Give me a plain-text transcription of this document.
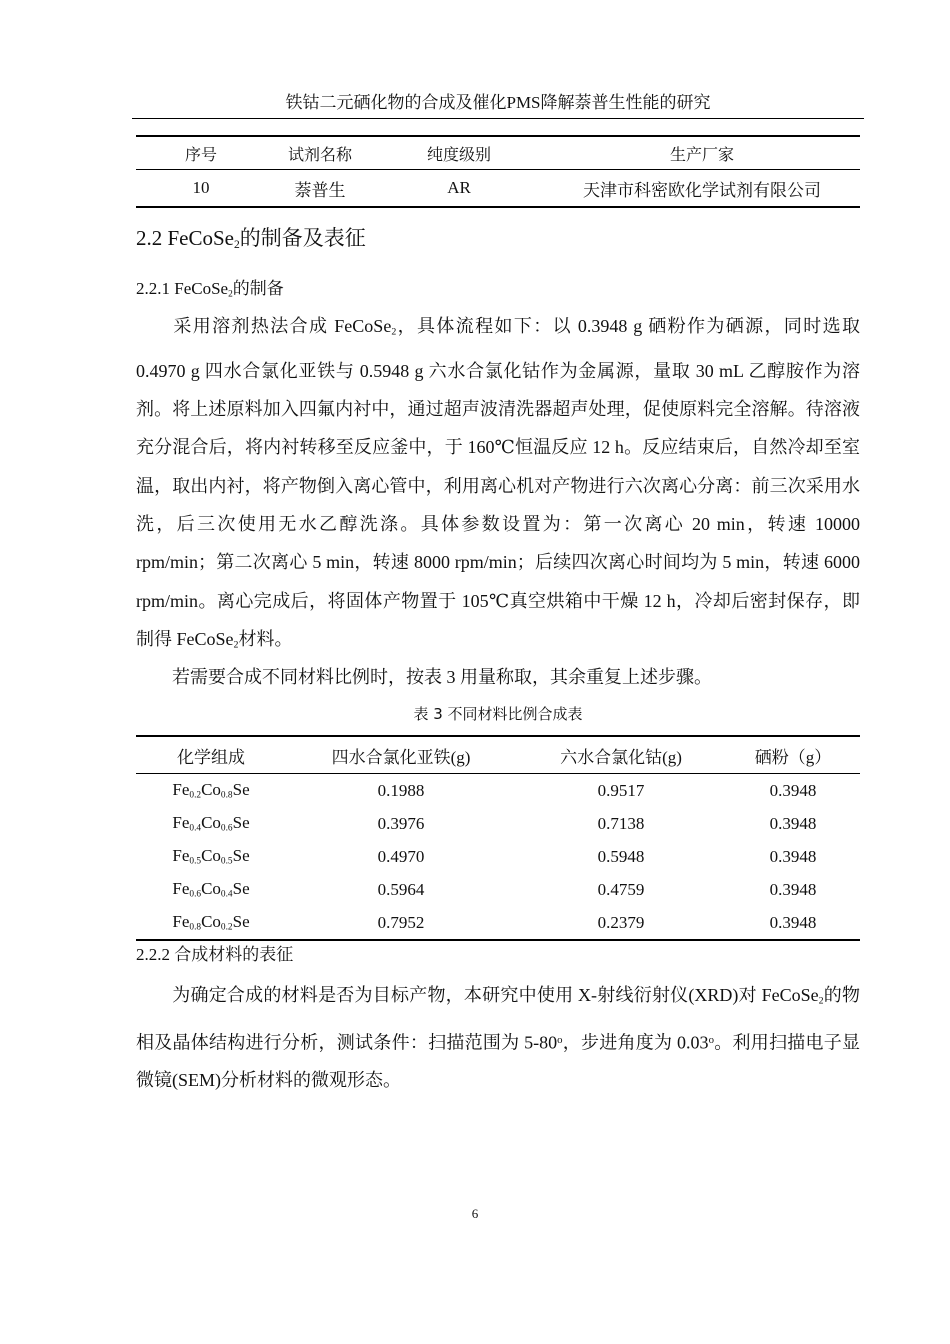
铁钴二元硒化物的合成及催化PMS降解萘普生性能的研究
序号	试剂名称	纯度级别	生产厂家
10	萘普生	AR	天津市科密欧化学试剂有限公司
2.2 FeCoSe$_2$的制备及表征
2.2.1 FeCoSe$_2$的制备

采用溶剂热法合成 FeCoSe$_2$，具体流程如下：以 0.3948 g 硒粉作为硒源，同时选取 0.4970 g 四水合氯化亚铁与 0.5948 g 六水合氯化钴作为金属源，量取 30 mL 乙醇胺作为溶剂。将上述原料加入四氟内衬中，通过超声波清洗器超声处理，促使原料完全溶解。待溶液充分混合后，将内衬转移至反应釜中，于 160℃恒温反应 12 h。反应结束后，自然冷却至室温，取出内衬，将产物倒入离心管中，利用离心机对产物进行六次离心分离：前三次采用水洗，后三次使用无水乙醇洗涤。具体参数设置为：第一次离心 20 min，转速 10000 rpm/min；第二次离心 5 min，转速 8000 rpm/min；后续四次离心时间均为 5 min，转速 6000 rpm/min。离心完成后，将固体产物置于 105℃真空烘箱中干燥 12 h，冷却后密封保存，即制得 FeCoSe$_2$材料。

若需要合成不同材料比例时，按表 3 用量称取，其余重复上述步骤。

表 3 不同材料比例合成表
化学组成	四水合氯化亚铁(g)	六水合氯化钴(g)	硒粉（g）
$Fe_{0.2}Co_{0.8}Se$	0.1988	0.9517	0.3948
$Fe_{0.4}Co_{0.6}Se$	0.3976	0.7138	0.3948
$Fe_{0.5}Co_{0.5}Se$	0.4970	0.5948	0.3948
$Fe_{0.6}Co_{0.4}Se$	0.5964	0.4759	0.3948
$Fe_{0.8}Co_{0.2}Se$	0.7952	0.2379	0.3948
2.2.2 合成材料的表征

为确定合成的材料是否为目标产物，本研究中使用 X-射线衍射仪(XRD)对 FeCoSe$_2$的物相及晶体结构进行分析，测试条件：扫描范围为 5-80$^o$，步进角度为 0.03$^o$。利用扫描电子显微镜(SEM)分析材料的微观形态。

6
